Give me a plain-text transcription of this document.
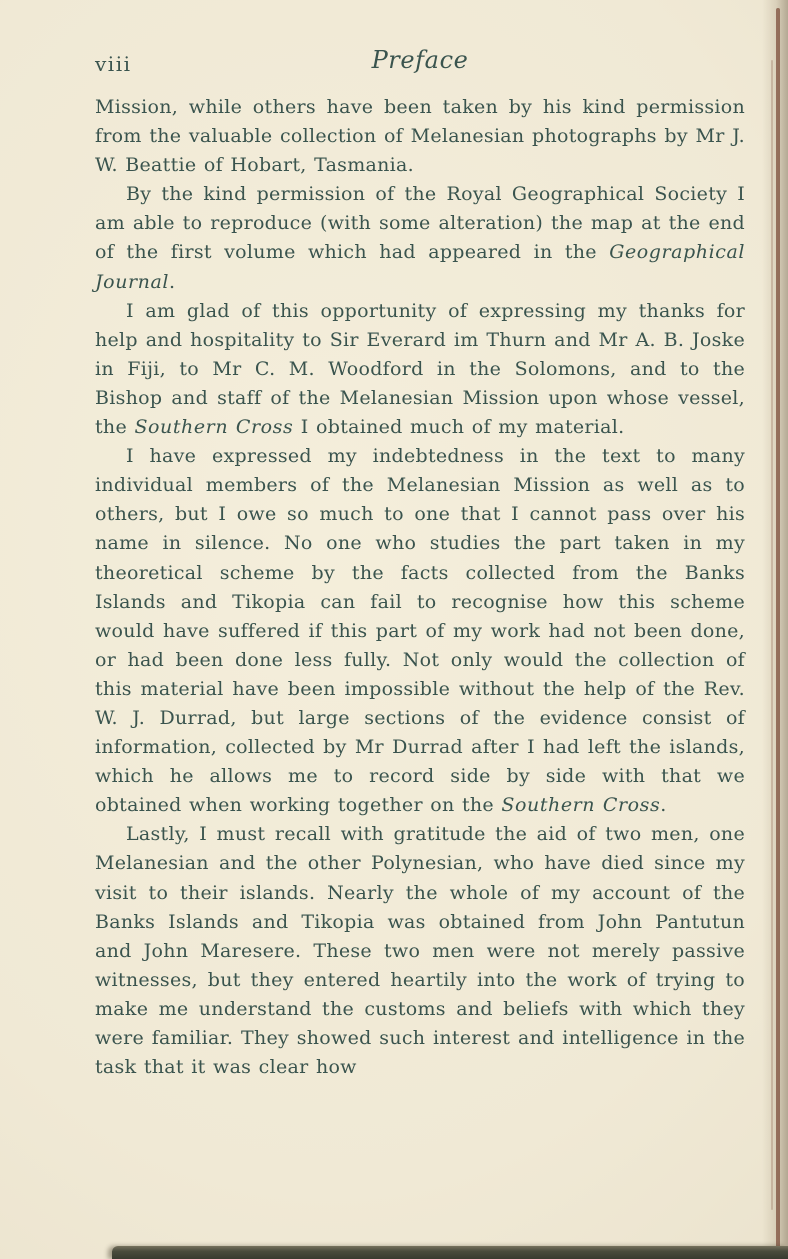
viii	Preface

Mission, while others have been taken by his kind permission from the valuable collection of Melanesian photographs by Mr J. W. Beattie of Hobart, Tasmania.

By the kind permission of the Royal Geographical Society I am able to reproduce (with some alteration) the map at the end of the first volume which had appeared in the Geographical Journal.

I am glad of this opportunity of expressing my thanks for help and hospitality to Sir Everard im Thurn and Mr A. B. Joske in Fiji, to Mr C. M. Woodford in the Solomons, and to the Bishop and staff of the Melanesian Mission upon whose vessel, the Southern Cross I obtained much of my material.

I have expressed my indebtedness in the text to many individual members of the Melanesian Mission as well as to others, but I owe so much to one that I cannot pass over his name in silence. No one who studies the part taken in my theoretical scheme by the facts collected from the Banks Islands and Tikopia can fail to recognise how this scheme would have suffered if this part of my work had not been done, or had been done less fully. Not only would the collection of this material have been impossible without the help of the Rev. W. J. Durrad, but large sections of the evidence consist of information, collected by Mr Durrad after I had left the islands, which he allows me to record side by side with that we obtained when working together on the Southern Cross.

Lastly, I must recall with gratitude the aid of two men, one Melanesian and the other Polynesian, who have died since my visit to their islands. Nearly the whole of my account of the Banks Islands and Tikopia was obtained from John Pantutun and John Maresere. These two men were not merely passive witnesses, but they entered heartily into the work of trying to make me understand the customs and beliefs with which they were familiar. They showed such interest and intelligence in the task that it was clear how
